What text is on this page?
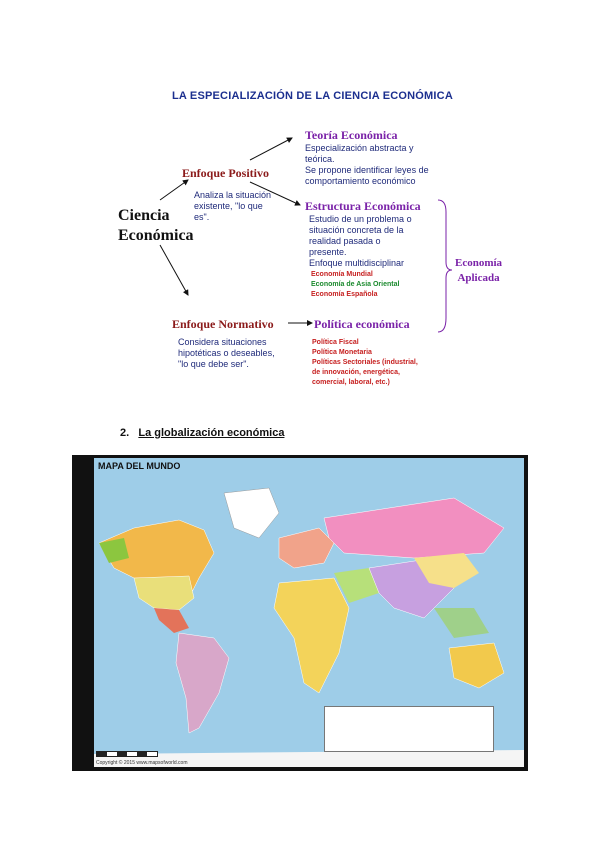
LA ESPECIALIZACIÓN DE LA CIENCIA ECONÓMICA
Ciencia
Económica
Enfoque Positivo
Analiza la situación
existente, "lo que
es".
Teoría Económica
Especialización abstracta y
teórica.
Se propone identificar leyes de
comportamiento económico
Estructura Económica
Estudio de un problema o
situación concreta de la
realidad pasada o
presente.
Enfoque multidisciplinar
Economía Mundial
Economía de Asia Oriental
Economía Española
Economía
Aplicada
Enfoque Normativo
Considera situaciones
hipotéticas o deseables,
"lo que debe ser".
Política económica
Política Fiscal
Política Monetaria
Políticas Sectoriales (industrial,
de innovación, energética,
comercial, laboral, etc.)
2. La globalización económica
MAPA DEL MUNDO
Copyright © 2015 www.mapsofworld.com
